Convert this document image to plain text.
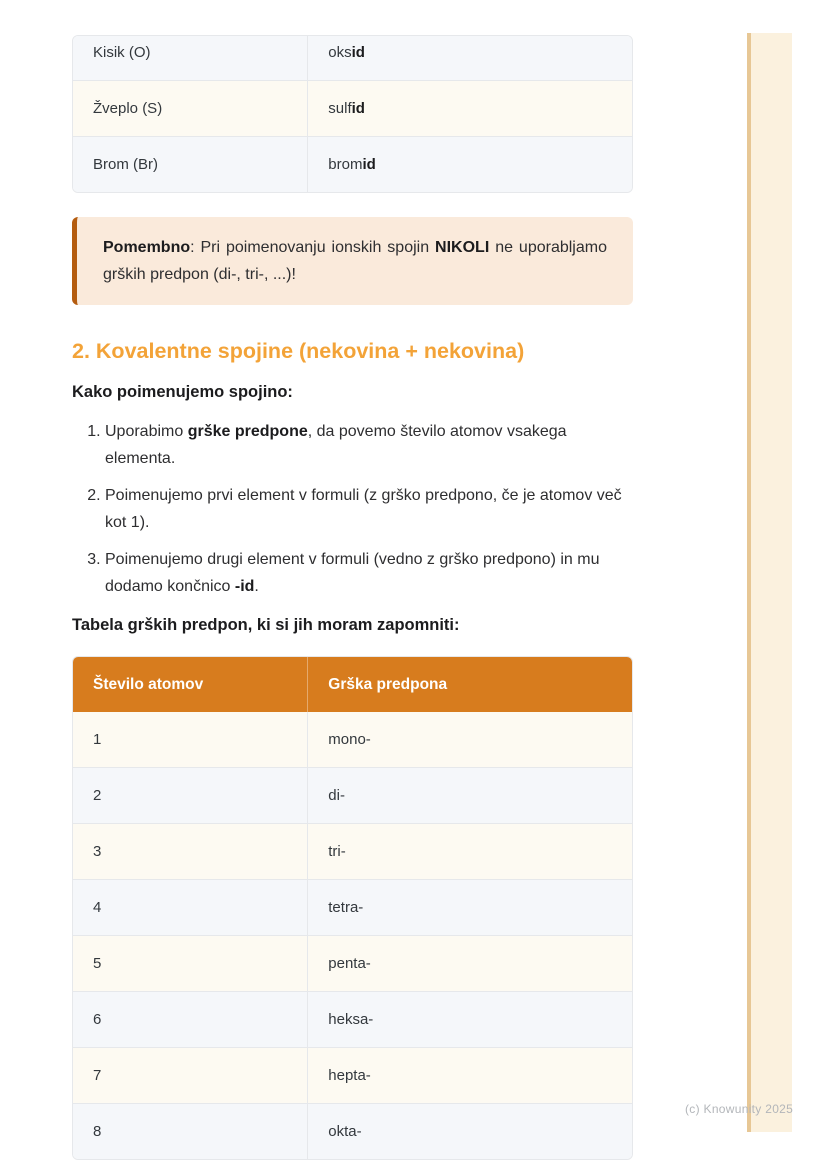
Kisik (O)	oksid
Žveplo (S)	sulfid
Brom (Br)	bromid

Pomembno: Pri poimenovanju ionskih spojin NIKOLI ne uporabljamo grških predpon (di-, tri-, ...)!

2. Kovalentne spojine (nekovina + nekovina)

Kako poimenujemo spojino:

1. Uporabimo grške predpone, da povemo število atomov vsakega elementa.
2. Poimenujemo prvi element v formuli (z grško predpono, če je atomov več kot 1).
3. Poimenujemo drugi element v formuli (vedno z grško predpono) in mu dodamo končnico -id.

Tabela grških predpon, ki si jih moram zapomniti:

Število atomov	Grška predpona
1	mono-
2	di-
3	tri-
4	tetra-
5	penta-
6	heksa-
7	hepta-
8	okta-
(c) Knowunity 2025
